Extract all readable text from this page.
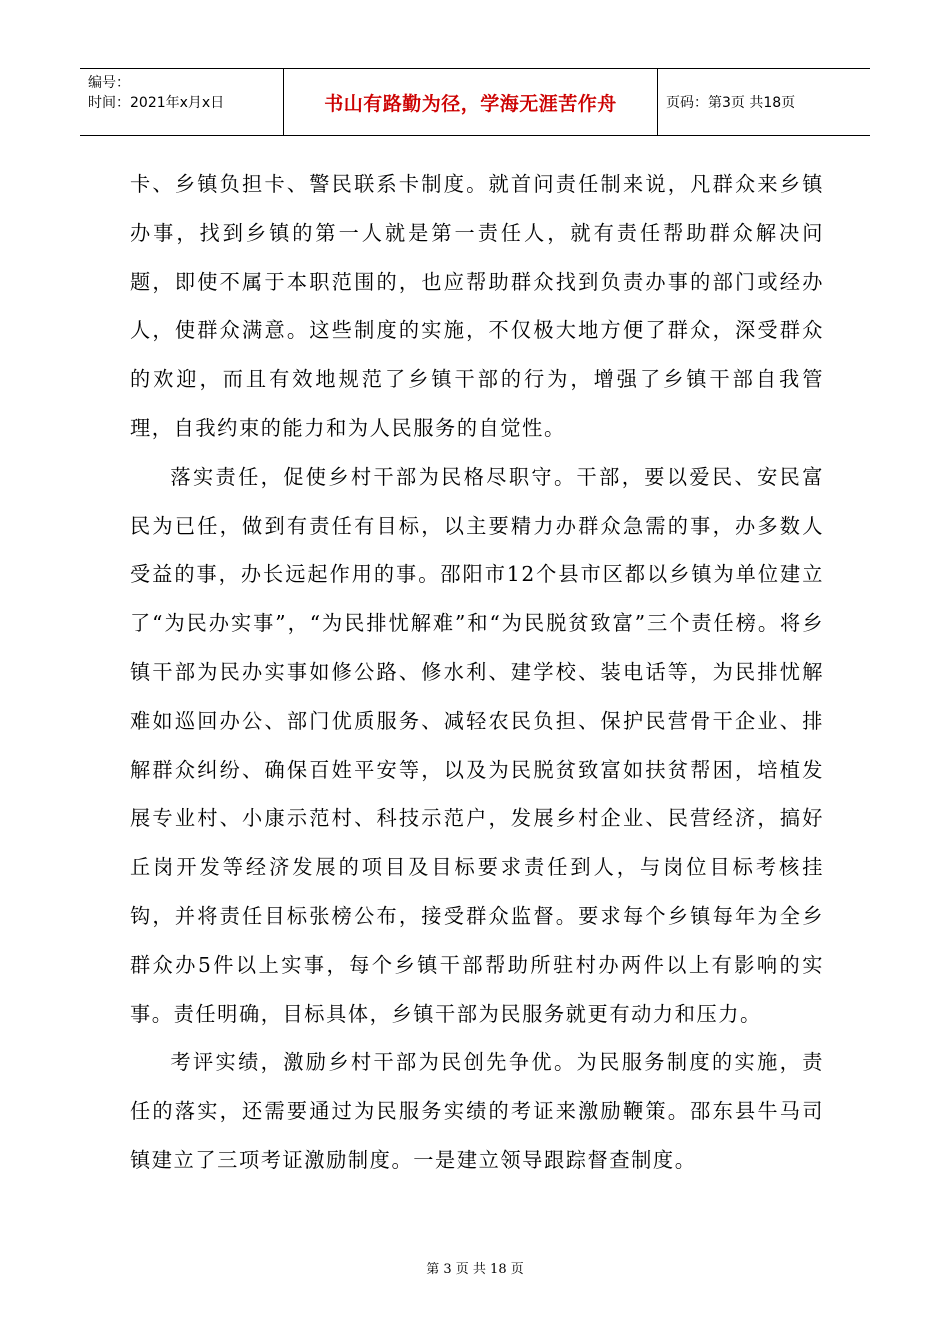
编号：
时间：2021年x月x日	书山有路勤为径，学海无涯苦作舟	页码：第3页 共18页

卡、乡镇负担卡、警民联系卡制度。就首问责任制来说，凡群众来乡镇办事，找到乡镇的第一人就是第一责任人，就有责任帮助群众解决问题，即使不属于本职范围的，也应帮助群众找到负责办事的部门或经办人，使群众满意。这些制度的实施，不仅极大地方便了群众，深受群众的欢迎，而且有效地规范了乡镇干部的行为，增强了乡镇干部自我管理，自我约束的能力和为人民服务的自觉性。

落实责任，促使乡村干部为民格尽职守。干部，要以爱民、安民富民为已任，做到有责任有目标，以主要精力办群众急需的事，办多数人受益的事，办长远起作用的事。邵阳市12个县市区都以乡镇为单位建立了“为民办实事”，“为民排忧解难”和“为民脱贫致富”三个责任榜。将乡镇干部为民办实事如修公路、修水利、建学校、装电话等，为民排忧解难如巡回办公、部门优质服务、减轻农民负担、保护民营骨干企业、排解群众纠纷、确保百姓平安等，以及为民脱贫致富如扶贫帮困，培植发展专业村、小康示范村、科技示范户，发展乡村企业、民营经济，搞好丘岗开发等经济发展的项目及目标要求责任到人，与岗位目标考核挂钩，并将责任目标张榜公布，接受群众监督。要求每个乡镇每年为全乡群众办5件以上实事，每个乡镇干部帮助所驻村办两件以上有影响的实事。责任明确，目标具体，乡镇干部为民服务就更有动力和压力。

考评实绩，激励乡村干部为民创先争优。为民服务制度的实施，责任的落实，还需要通过为民服务实绩的考证来激励鞭策。邵东县牛马司镇建立了三项考证激励制度。一是建立领导跟踪督查制度。

第 3 页 共 18 页
